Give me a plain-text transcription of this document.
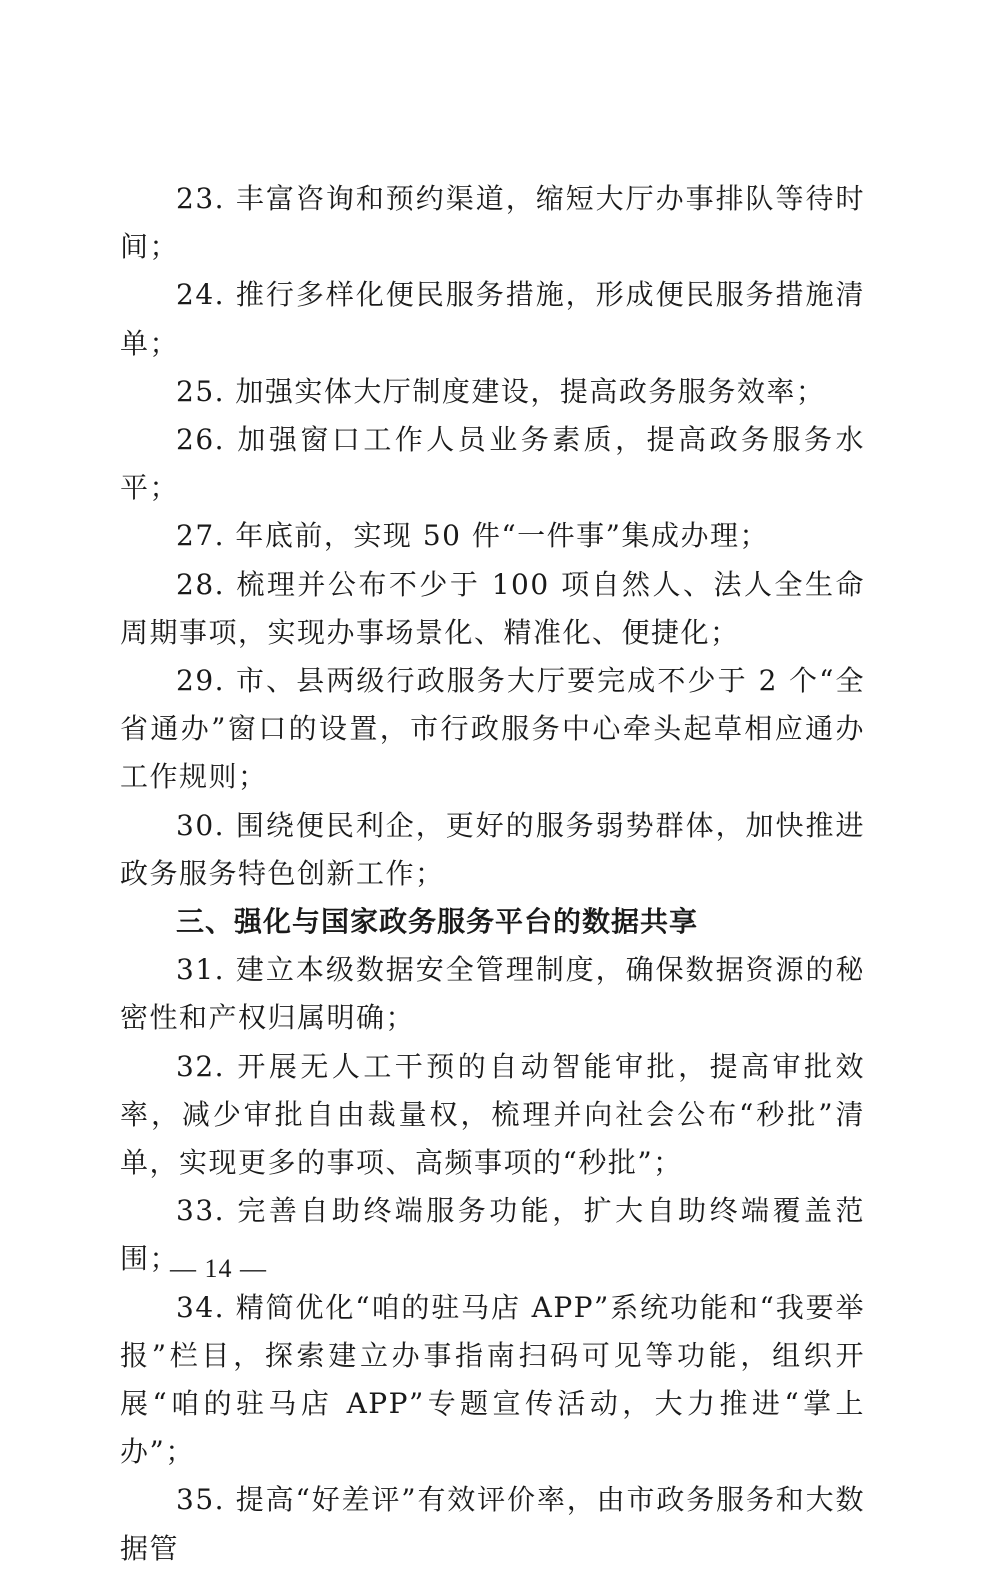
23. 丰富咨询和预约渠道，缩短大厅办事排队等待时间；

24. 推行多样化便民服务措施，形成便民服务措施清单；

25. 加强实体大厅制度建设，提高政务服务效率；

26. 加强窗口工作人员业务素质，提高政务服务水平；

27. 年底前，实现 50 件“一件事”集成办理；

28. 梳理并公布不少于 100 项自然人、法人全生命周期事项，实现办事场景化、精准化、便捷化；

29. 市、县两级行政服务大厅要完成不少于 2 个“全省通办”窗口的设置，市行政服务中心牵头起草相应通办工作规则；

30. 围绕便民利企，更好的服务弱势群体，加快推进政务服务特色创新工作；

三、强化与国家政务服务平台的数据共享

31. 建立本级数据安全管理制度，确保数据资源的秘密性和产权归属明确；

32. 开展无人工干预的自动智能审批，提高审批效率，减少审批自由裁量权，梳理并向社会公布“秒批”清单，实现更多的事项、高频事项的“秒批”；

33. 完善自助终端服务功能，扩大自助终端覆盖范围；

34. 精简优化“咱的驻马店 APP”系统功能和“我要举报”栏目，探索建立办事指南扫码可见等功能，组织开展“咱的驻马店 APP”专题宣传活动，大力推进“掌上办”；

35. 提高“好差评”有效评价率，由市政务服务和大数据管

— 14 —
